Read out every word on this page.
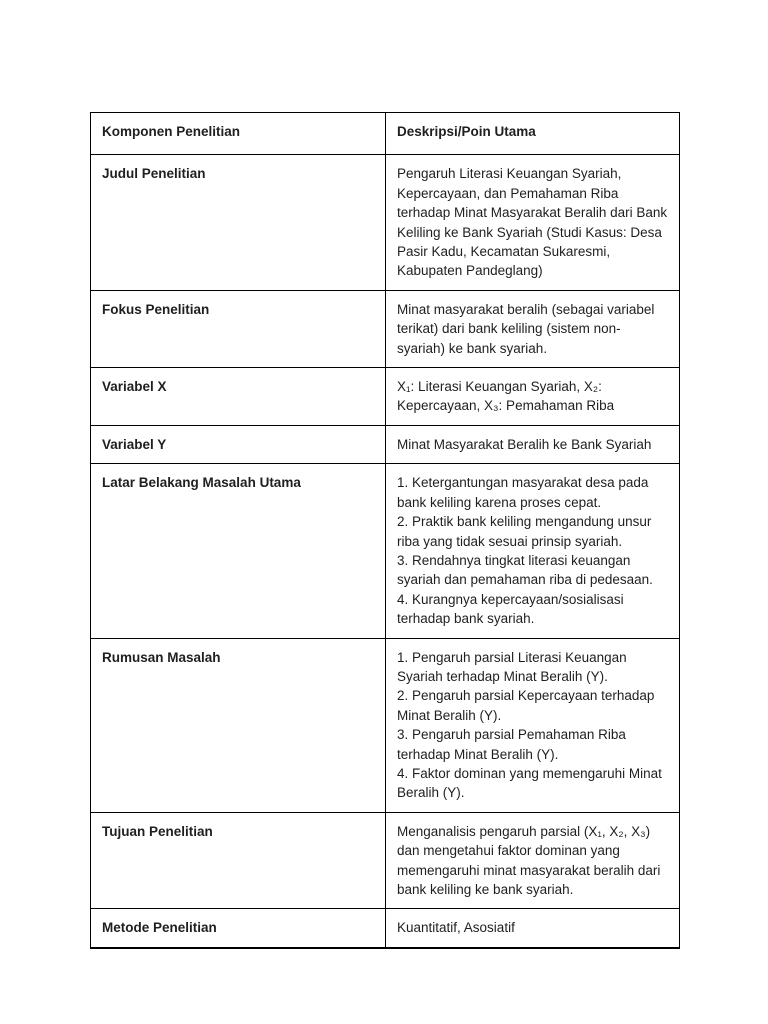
Komponen Penelitian	Deskripsi/Poin Utama
Judul Penelitian	Pengaruh Literasi Keuangan Syariah, Kepercayaan, dan Pemahaman Riba terhadap Minat Masyarakat Beralih dari Bank Keliling ke Bank Syariah (Studi Kasus: Desa Pasir Kadu, Kecamatan Sukaresmi, Kabupaten Pandeglang)

Fokus Penelitian	Minat masyarakat beralih (sebagai variabel terikat) dari bank keliling (sistem non-syariah) ke bank syariah.

Variabel X	X₁: Literasi Keuangan Syariah, X₂: Kepercayaan, X₃: Pemahaman Riba

Variabel Y	Minat Masyarakat Beralih ke Bank Syariah

Latar Belakang Masalah Utama	1. Ketergantungan masyarakat desa pada bank keliling karena proses cepat.
2. Praktik bank keliling mengandung unsur riba yang tidak sesuai prinsip syariah.
3. Rendahnya tingkat literasi keuangan syariah dan pemahaman riba di pedesaan.
4. Kurangnya kepercayaan/sosialisasi terhadap bank syariah.

Rumusan Masalah	1. Pengaruh parsial Literasi Keuangan Syariah terhadap Minat Beralih (Y).
2. Pengaruh parsial Kepercayaan terhadap Minat Beralih (Y).
3. Pengaruh parsial Pemahaman Riba terhadap Minat Beralih (Y).
4. Faktor dominan yang memengaruhi Minat Beralih (Y).

Tujuan Penelitian	Menganalisis pengaruh parsial (X₁, X₂, X₃) dan mengetahui faktor dominan yang memengaruhi minat masyarakat beralih dari bank keliling ke bank syariah.

Metode Penelitian	Kuantitatif, Asosiatif
